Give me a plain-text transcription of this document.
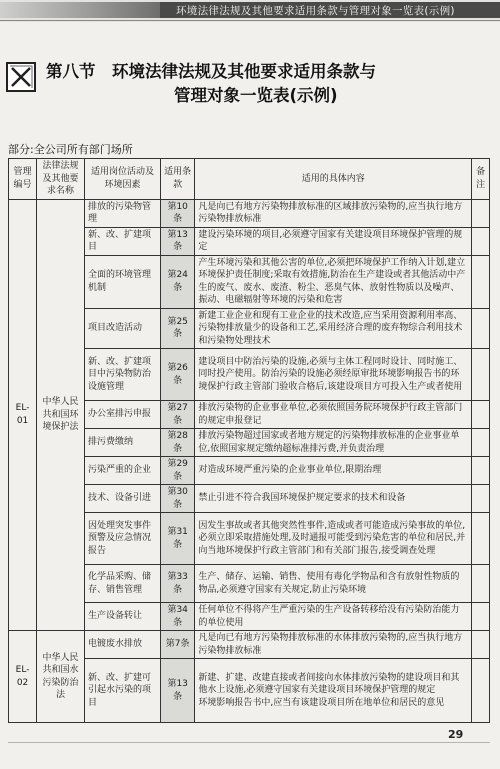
环境法律法规及其他要求适用条款与管理对象一览表(示例)
第八节　环境法律法规及其他要求适用条款与
管理对象一览表(示例)
部分:全公司所有部门场所
管理编号	法律法规及其他要求名称	适用岗位活动及环境因素	适用条款	适用的具体内容	备注
EL-01	中华人民共和国环境保护法	排放的污染物管理	第10条	凡是向已有地方污染物排放标准的区域排放污染物的,应当执行地方污染物排放标准	
		新、改、扩建项目	第13条	建设污染环境的项目,必须遵守国家有关建设项目环境保护管理的规定	
		全面的环境管理机制	第24条	产生环境污染和其他公害的单位,必须把环境保护工作纳入计划,建立环境保护责任制度;采取有效措施,防治在生产建设或者其他活动中产生的废气、废水、废渣、粉尘、恶臭气体、放射性物质以及噪声、振动、电磁辐射等环境的污染和危害	
		项目改造活动	第25条	新建工业企业和现有工业企业的技术改造,应当采用资源利用率高、污染物排放量少的设备和工艺,采用经济合理的废弃物综合利用技术和污染物处理技术	
		新、改、扩建项目中污染物防治设施管理	第26条	建设项目中防治污染的设施,必须与主体工程同时设计、同时施工、同时投产使用。防治污染的设施必须经原审批环境影响报告书的环境保护行政主管部门验收合格后,该建设项目方可投入生产或者使用	
		办公室排污申报	第27条	排放污染物的企业事业单位,必须依照国务院环境保护行政主管部门的规定申报登记	
		排污费缴纳	第28条	排放污染物超过国家或者地方规定的污染物排放标准的企业事业单位,依照国家规定缴纳超标准排污费,并负责治理	
		污染严重的企业	第29条	对造成环境严重污染的企业事业单位,限期治理	
		技术、设备引进	第30条	禁止引进不符合我国环境保护规定要求的技术和设备	
		因处理突发事件预警及应急情况报告	第31条	因发生事故或者其他突然性事件,造成或者可能造成污染事故的单位,必须立即采取措施处理,及时通报可能受到污染危害的单位和居民,并向当地环境保护行政主管部门和有关部门报告,接受调查处理	
		化学品采购、储存、销售管理	第33条	生产、储存、运输、销售、使用有毒化学物品和含有放射性物质的物品,必须遵守国家有关规定,防止污染环境	
		生产设备转让	第34条	任何单位不得将产生严重污染的生产设备转移给没有污染防治能力的单位使用	
EL-02	中华人民共和国水污染防治法	电镀废水排放	第7条	凡是向已有地方污染物排放标准的水体排放污染物的,应当执行地方污染物排放标准	
		新、改、扩建可引起水污染的项目	第13条	新建、扩建、改建直接或者间接向水体排放污染物的建设项目和其他水上设施,必须遵守国家有关建设项目环境保护管理的规定
环境影响报告书中,应当有该建设项目所在地单位和居民的意见	
29
